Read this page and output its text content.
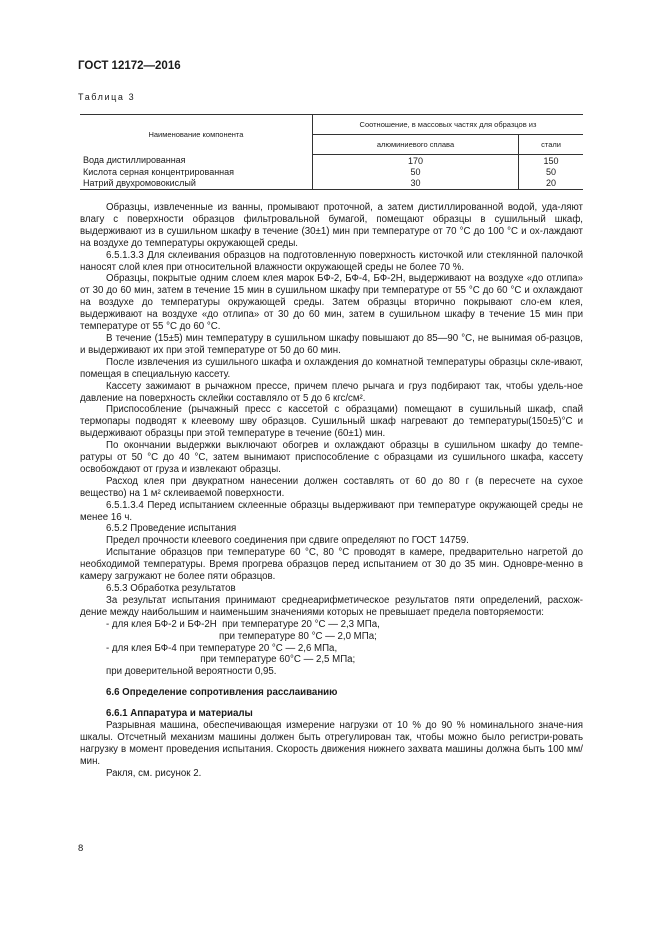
ГОСТ 12172—2016
Таблица 3
Наименование компонента	Соотношение, в массовых частях для образцов из	
	алюминиевого сплава	стали
Вода дистиллированная	170	150
Кислота серная концентрированная	50	50
Натрий двухромовокислый	30	20

Образцы, извлеченные из ванны, промывают проточной, а затем дистиллированной водой, уда-ляют влагу с поверхности образцов фильтровальной бумагой, помещают образцы в сушильный шкаф, выдерживают из в сушильном шкафу в течение (30±1) мин при температуре от 70 °С до 100 °С и ох-лаждают на воздухе до температуры окружающей среды.

6.5.1.3.3 Для склеивания образцов на подготовленную поверхность кисточкой или стеклянной палочкой наносят слой клея при относительной влажности окружающей среды не более 70 %.

Образцы, покрытые одним слоем клея марок БФ-2, БФ-4, БФ-2Н, выдерживают на воздухе «до отлипа» от 30 до 60 мин, затем в течение 15 мин в сушильном шкафу при температуре от 55 °С до 60 °С и охлаждают на воздухе до температуры окружающей среды. Затем образцы вторично покрывают сло-ем клея, выдерживают на воздухе «до отлипа» от 30 до 60 мин, затем в сушильном шкафу в течение 15 мин при температуре от 55 °С до 60 °С.

В течение (15±5) мин температуру в сушильном шкафу повышают до 85—90 °С, не вынимая об-разцов, и выдерживают их при этой температуре от 50 до 60 мин.

После извлечения из сушильного шкафа и охлаждения до комнатной температуры образцы скле-ивают, помещая в специальную кассету.

Кассету зажимают в рычажном прессе, причем плечо рычага и груз подбирают так, чтобы удель-ное давление на поверхность склейки составляло от 5 до 6 кгс/см².

Приспособление (рычажный пресс с кассетой с образцами) помещают в сушильный шкаф, спай термопары подводят к клеевому шву образцов. Сушильный шкаф нагревают до температуры(150±5)°С и выдерживают образцы при этой температуре в течение (60±1) мин.

По окончании выдержки выключают обогрев и охлаждают образцы в сушильном шкафу до темпе-ратуры от 50 °С до 40 °С, затем вынимают приспособление с образцами из сушильного шкафа, кассету освобождают от груза и извлекают образцы.

Расход клея при двукратном нанесении должен составлять от 60 до 80 г (в пересчете на сухое вещество) на 1 м² склеиваемой поверхности.

6.5.1.3.4 Перед испытанием склеенные образцы выдерживают при температуре окружающей среды не менее 16 ч.

6.5.2 Проведение испытания

Предел прочности клеевого соединения при сдвиге определяют по ГОСТ 14759.

Испытание образцов при температуре 60 °С, 80 °С проводят в камере, предварительно нагретой до необходимой температуры. Время прогрева образцов перед испытанием от 30 до 35 мин. Одновре-менно в камеру загружают не более пяти образцов.

6.5.3 Обработка результатов

За результат испытания принимают среднеарифметическое результатов пяти определений, расхож-дение между наибольшим и наименьшим значениями которых не превышает предела повторяемости:

- для клея БФ-2 и БФ-2Н  при температуре 20 °С — 2,3 МПа,

при температуре 80 °С — 2,0 МПа;

- для клея БФ-4 при температуре 20 °С — 2,6 МПа,

при температуре 60°С — 2,5 МПа;

при доверительной вероятности 0,95.

6.6 Определение сопротивления расслаиванию

6.6.1 Аппаратура и материалы

Разрывная машина, обеспечивающая измерение нагрузки от 10 % до 90 % номинального значе-ния шкалы. Отсчетный механизм машины должен быть отрегулирован так, чтобы можно было регистри-ровать нагрузку в момент проведения испытания. Скорость движения нижнего захвата машины должна быть 100 мм/мин.

Ракля, см. рисунок 2.

8
